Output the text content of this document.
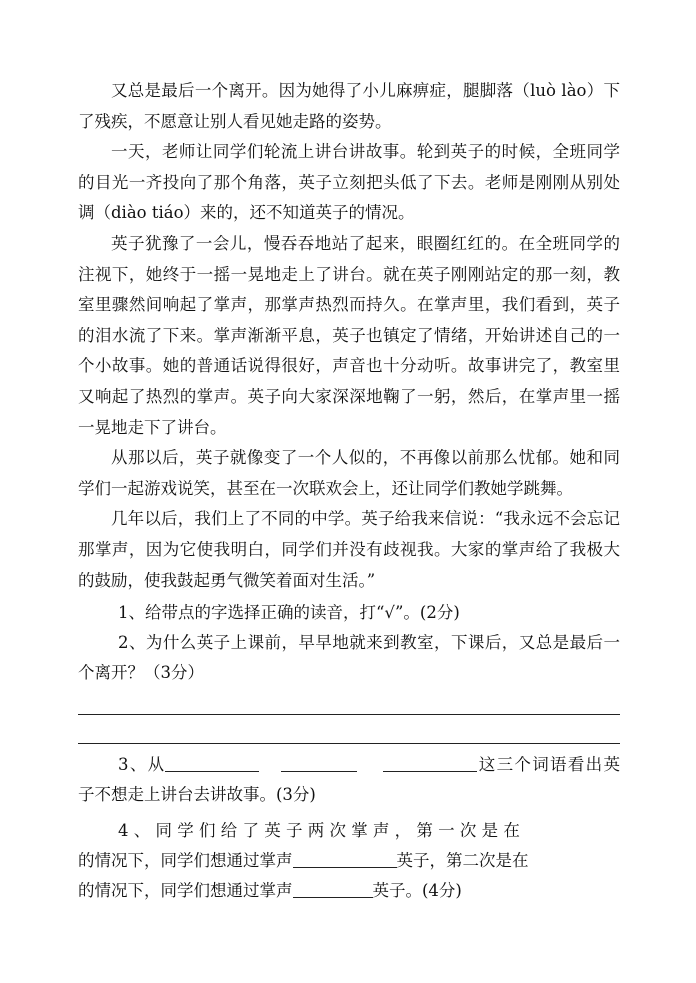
又总是最后一个离开。因为她得了小儿麻痹症，腿脚落（luò lào）下了残疾，不愿意让别人看见她走路的姿势。

一天，老师让同学们轮流上讲台讲故事。轮到英子的时候，全班同学的目光一齐投向了那个角落，英子立刻把头低了下去。老师是刚刚从别处调（diào tiáo）来的，还不知道英子的情况。

英子犹豫了一会儿，慢吞吞地站了起来，眼圈红红的。在全班同学的注视下，她终于一摇一晃地走上了讲台。就在英子刚刚站定的那一刻，教室里骤然间响起了掌声，那掌声热烈而持久。在掌声里，我们看到，英子的泪水流了下来。掌声渐渐平息，英子也镇定了情绪，开始讲述自己的一个小故事。她的普通话说得很好，声音也十分动听。故事讲完了，教室里又响起了热烈的掌声。英子向大家深深地鞠了一躬，然后，在掌声里一摇一晃地走下了讲台。

从那以后，英子就像变了一个人似的，不再像以前那么忧郁。她和同学们一起游戏说笑，甚至在一次联欢会上，还让同学们教她学跳舞。

几年以后，我们上了不同的中学。英子给我来信说：“我永远不会忘记那掌声，因为它使我明白，同学们并没有歧视我。大家的掌声给了我极大的鼓励，使我鼓起勇气微笑着面对生活。”

1、给带点的字选择正确的读音，打“√”。(2分)

2、为什么英子上课前，早早地就来到教室，下课后，又总是最后一个离开？（3分）

3、从	这三个词语看出英子不想走上讲台去讲故事。(3分)

4 、 同 学 们 给 了 英 子 两 次 掌 声 ， 第 一 次 是 在
的情况下，同学们想通过掌声	英子，第二次是在
的情况下，同学们想通过掌声	英子。(4分)
